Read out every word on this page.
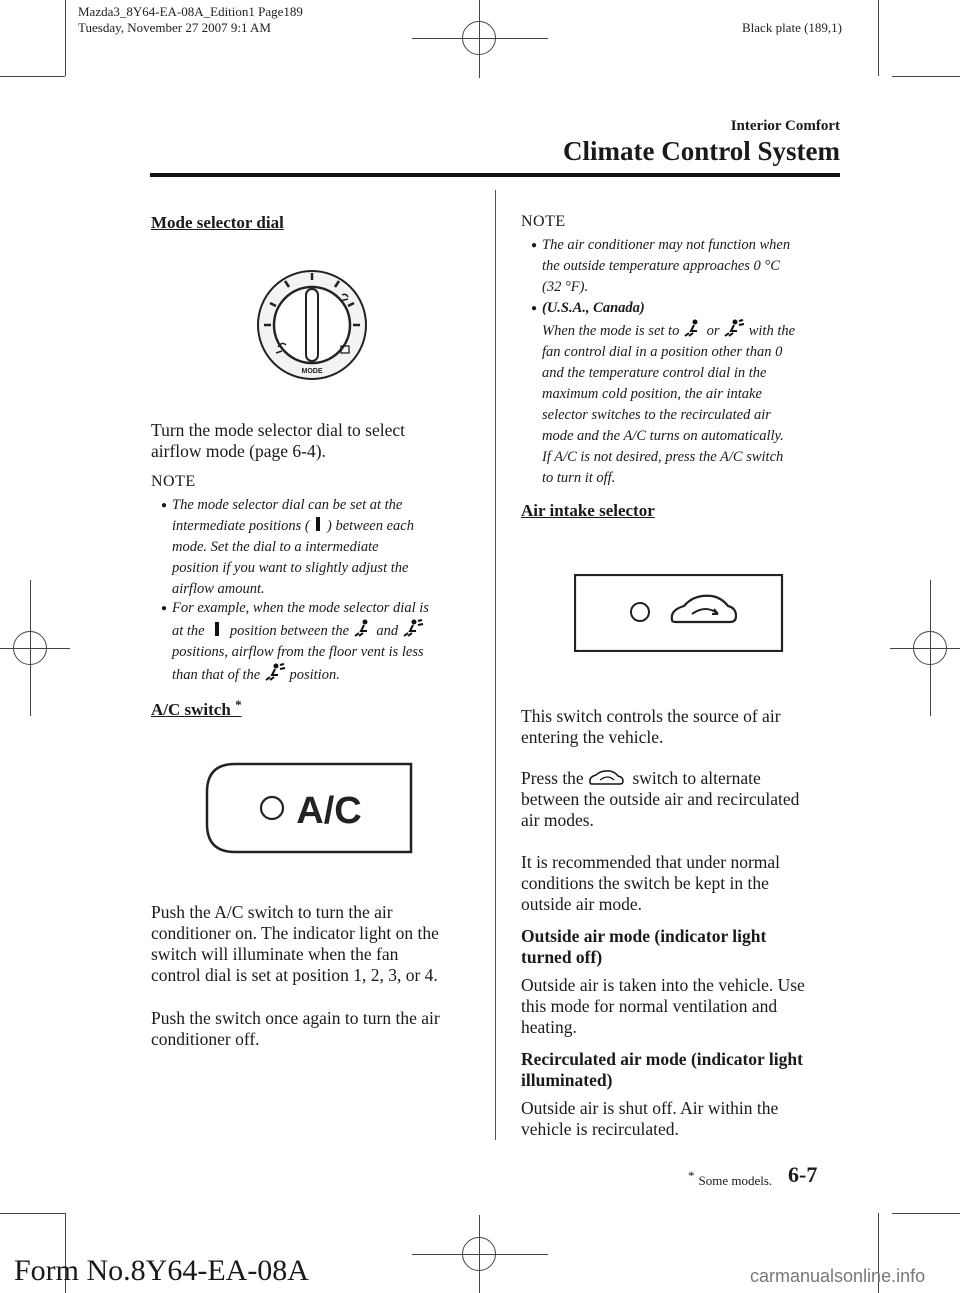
Mazda3_8Y64-EA-08A_Edition1 Page189
Tuesday, November 27 2007 9:1 AM	Black plate (189,1)
Interior Comfort
Climate Control System
Mode selector dial
MODE
Turn the mode selector dial to select
airflow mode (page 6-4).
NOTE
● The mode selector dial can be set at the
intermediate positions ( ) between each
mode. Set the dial to a intermediate
position if you want to slightly adjust the
airflow amount.
● For example, when the mode selector dial is
at the position between the and
positions, airflow from the floor vent is less
than that of the position.
A/C switch *
A/C
Push the A/C switch to turn the air
conditioner on. The indicator light on the
switch will illuminate when the fan
control dial is set at position 1, 2, 3, or 4.
Push the switch once again to turn the air
conditioner off.
NOTE
● The air conditioner may not function when
the outside temperature approaches 0 °C
(32 °F).
● (U.S.A., Canada)
When the mode is set to or with the
fan control dial in a position other than 0
and the temperature control dial in the
maximum cold position, the air intake
selector switches to the recirculated air
mode and the A/C turns on automatically.
If A/C is not desired, press the A/C switch
to turn it off.
Air intake selector
This switch controls the source of air
entering the vehicle.
Press the	switch to alternate
between the outside air and recirculated
air modes.
It is recommended that under normal
conditions the switch be kept in the
outside air mode.
Outside air mode (indicator light
turned off)
Outside air is taken into the vehicle. Use
this mode for normal ventilation and
heating.
Recirculated air mode (indicator light
illuminated)
Outside air is shut off. Air within the
vehicle is recirculated.
* Some models. 6-7
Form No.8Y64-EA-08A	carmanualsonline.info
